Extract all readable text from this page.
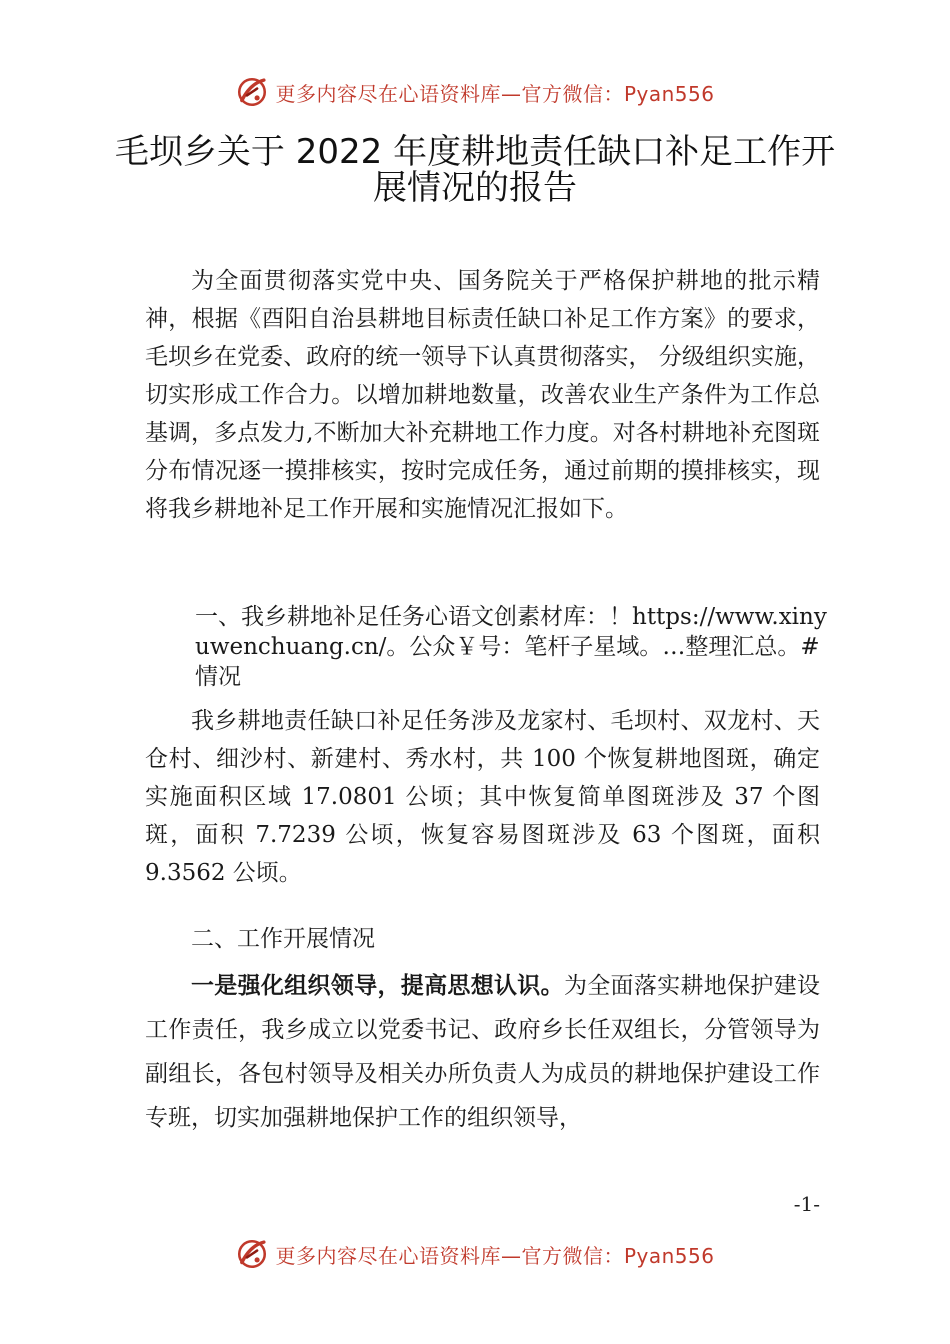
更多内容尽在心语资料库—官方微信：Pyan556
毛坝乡关于 2022 年度耕地责任缺口补足工作开展情况的报告

为全面贯彻落实党中央、国务院关于严格保护耕地的批示精神，根据《酉阳自治县耕地目标责任缺口补足工作方案》的要求，毛坝乡在党委、政府的统一领导下认真贯彻落实， 分级组织实施，切实形成工作合力。以增加耕地数量，改善农业生产条件为工作总基调，多点发力,不断加大补充耕地工作力度。对各村耕地补充图斑分布情况逐一摸排核实，按时完成任务，通过前期的摸排核实，现将我乡耕地补足工作开展和实施情况汇报如下。

一、我乡耕地补足任务心语文创素材库：！https://www.xinyuwenchuang.cn/。公众￥号：笔杆子星域。…整理汇总。#情况

我乡耕地责任缺口补足任务涉及龙家村、毛坝村、双龙村、天仓村、细沙村、新建村、秀水村，共 100 个恢复耕地图斑，确定实施面积区域 17.0801 公顷；其中恢复简单图斑涉及 37 个图斑，面积 7.7239 公顷，恢复容易图斑涉及 63 个图斑，面积 9.3562 公顷。

二、工作开展情况

一是强化组织领导，提高思想认识。为全面落实耕地保护建设工作责任，我乡成立以党委书记、政府乡长任双组长，分管领导为副组长，各包村领导及相关办所负责人为成员的耕地保护建设工作专班，切实加强耕地保护工作的组织领导，

-1-
更多内容尽在心语资料库—官方微信：Pyan556
